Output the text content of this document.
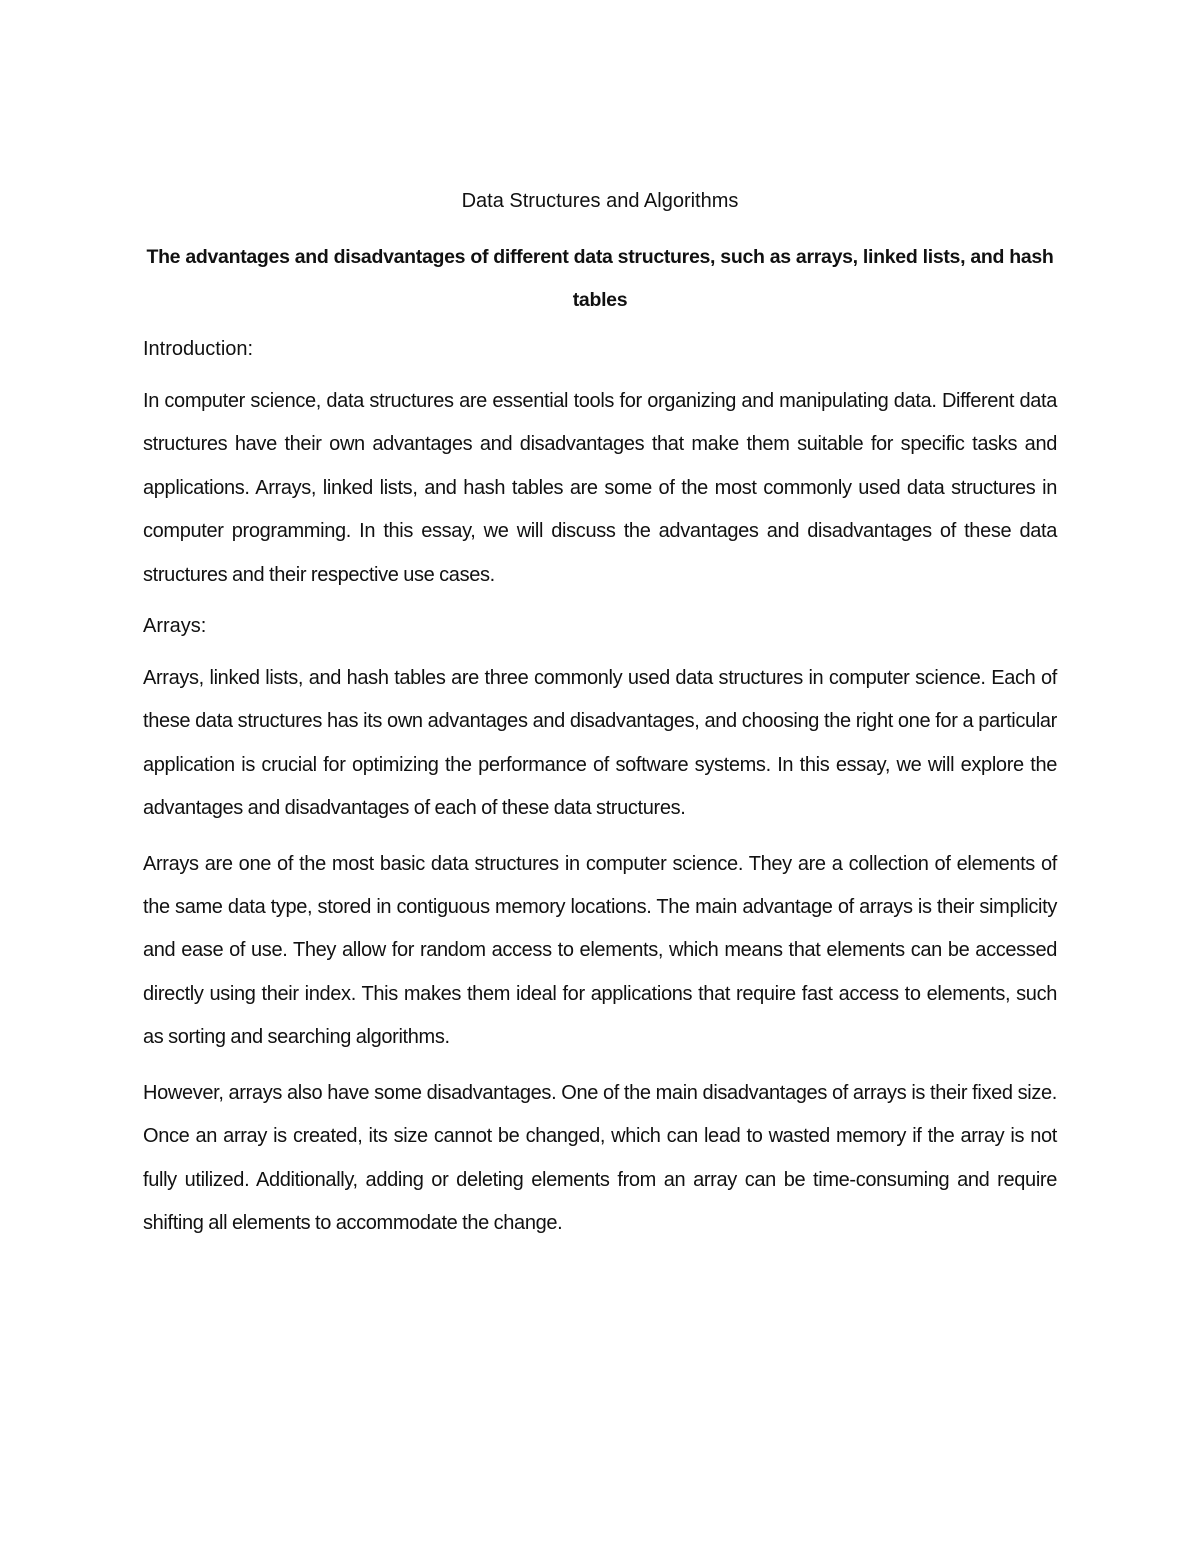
Data Structures and Algorithms
The advantages and disadvantages of different data structures, such as arrays, linked lists, and hash tables
Introduction:

In computer science, data structures are essential tools for organizing and manipulating data. Different data structures have their own advantages and disadvantages that make them suitable for specific tasks and applications. Arrays, linked lists, and hash tables are some of the most commonly used data structures in computer programming. In this essay, we will discuss the advantages and disadvantages of these data structures and their respective use cases.

Arrays:

Arrays, linked lists, and hash tables are three commonly used data structures in computer science. Each of these data structures has its own advantages and disadvantages, and choosing the right one for a particular application is crucial for optimizing the performance of software systems. In this essay, we will explore the advantages and disadvantages of each of these data structures.

Arrays are one of the most basic data structures in computer science. They are a collection of elements of the same data type, stored in contiguous memory locations. The main advantage of arrays is their simplicity and ease of use. They allow for random access to elements, which means that elements can be accessed directly using their index. This makes them ideal for applications that require fast access to elements, such as sorting and searching algorithms.

However, arrays also have some disadvantages. One of the main disadvantages of arrays is their fixed size. Once an array is created, its size cannot be changed, which can lead to wasted memory if the array is not fully utilized. Additionally, adding or deleting elements from an array can be time-consuming and require shifting all elements to accommodate the change.
